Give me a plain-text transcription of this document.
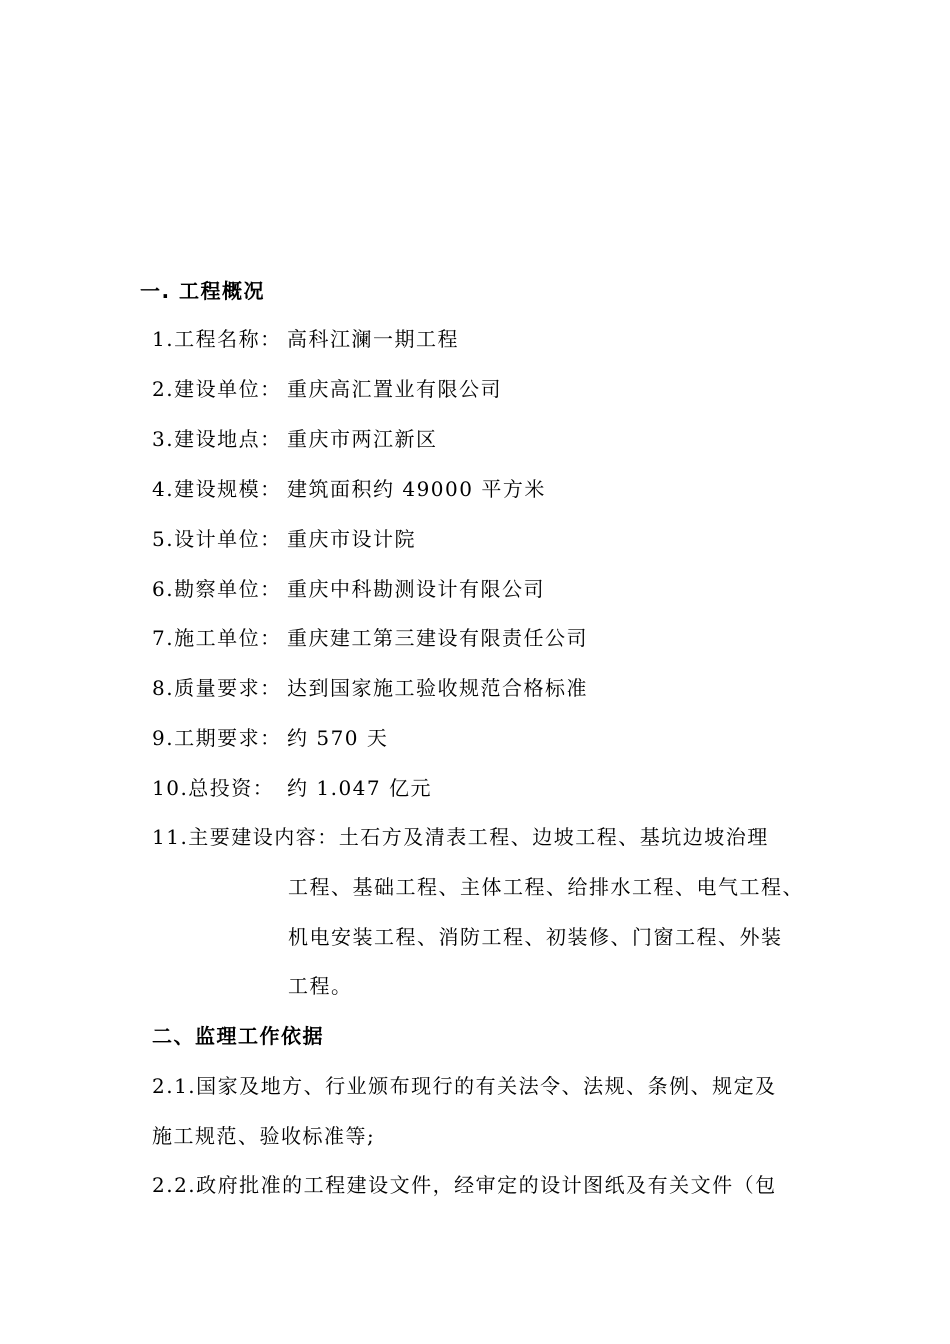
一. 工程概况
1.工程名称： 高科江澜一期工程
2.建设单位： 重庆高汇置业有限公司
3.建设地点： 重庆市两江新区
4.建设规模： 建筑面积约 49000 平方米
5.设计单位： 重庆市设计院
6.勘察单位： 重庆中科勘测设计有限公司
7.施工单位： 重庆建工第三建设有限责任公司
8.质量要求： 达到国家施工验收规范合格标准
9.工期要求： 约 570 天
10.总投资： 约 1.047 亿元
11.主要建设内容：土石方及清表工程、边坡工程、基坑边坡治理
工程、基础工程、主体工程、给排水工程、电气工程、
机电安装工程、消防工程、初装修、门窗工程、外装
工程。
二、监理工作依据
2.1.国家及地方、行业颁布现行的有关法令、法规、条例、规定及
施工规范、验收标准等;
2.2.政府批准的工程建设文件，经审定的设计图纸及有关文件（包
